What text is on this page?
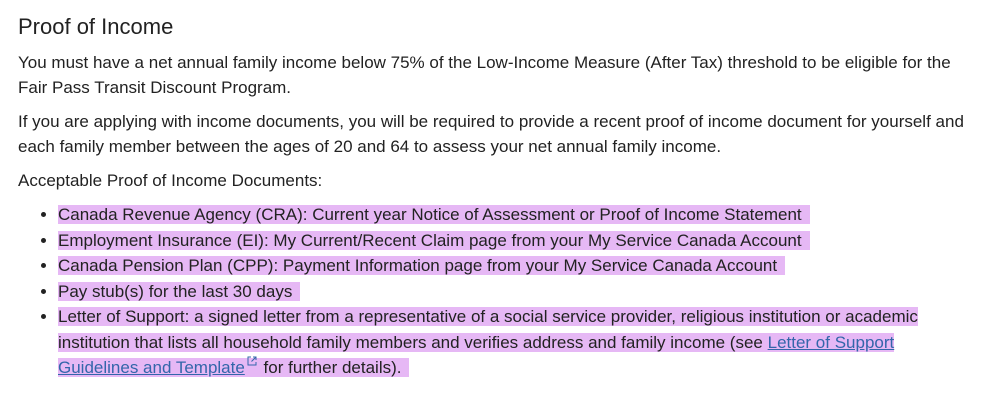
Proof of Income

You must have a net annual family income below 75% of the Low-Income Measure (After Tax) threshold to be eligible for the Fair Pass Transit Discount Program.

If you are applying with income documents, you will be required to provide a recent proof of income document for yourself and each family member between the ages of 20 and 64 to assess your net annual family income.

Acceptable Proof of Income Documents:

• Canada Revenue Agency (CRA): Current year Notice of Assessment or Proof of Income Statement
• Employment Insurance (EI): My Current/Recent Claim page from your My Service Canada Account
• Canada Pension Plan (CPP): Payment Information page from your My Service Canada Account
• Pay stub(s) for the last 30 days
• Letter of Support: a signed letter from a representative of a social service provider, religious institution or academic institution that lists all household family members and verifies address and family income (see Letter of Support Guidelines and Template for further details).
